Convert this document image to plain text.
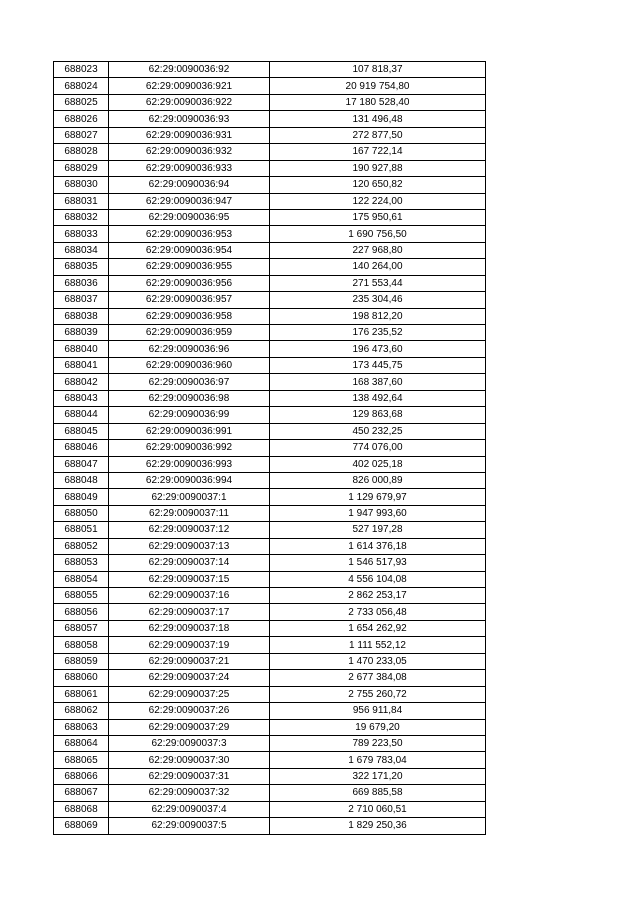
688023	62:29:0090036:92	107 818,37
688024	62:29:0090036:921	20 919 754,80
688025	62:29:0090036:922	17 180 528,40
688026	62:29:0090036:93	131 496,48
688027	62:29:0090036:931	272 877,50
688028	62:29:0090036:932	167 722,14
688029	62:29:0090036:933	190 927,88
688030	62:29:0090036:94	120 650,82
688031	62:29:0090036:947	122 224,00
688032	62:29:0090036:95	175 950,61
688033	62:29:0090036:953	1 690 756,50
688034	62:29:0090036:954	227 968,80
688035	62:29:0090036:955	140 264,00
688036	62:29:0090036:956	271 553,44
688037	62:29:0090036:957	235 304,46
688038	62:29:0090036:958	198 812,20
688039	62:29:0090036:959	176 235,52
688040	62:29:0090036:96	196 473,60
688041	62:29:0090036:960	173 445,75
688042	62:29:0090036:97	168 387,60
688043	62:29:0090036:98	138 492,64
688044	62:29:0090036:99	129 863,68
688045	62:29:0090036:991	450 232,25
688046	62:29:0090036:992	774 076,00
688047	62:29:0090036:993	402 025,18
688048	62:29:0090036:994	826 000,89
688049	62:29:0090037:1	1 129 679,97
688050	62:29:0090037:11	1 947 993,60
688051	62:29:0090037:12	527 197,28
688052	62:29:0090037:13	1 614 376,18
688053	62:29:0090037:14	1 546 517,93
688054	62:29:0090037:15	4 556 104,08
688055	62:29:0090037:16	2 862 253,17
688056	62:29:0090037:17	2 733 056,48
688057	62:29:0090037:18	1 654 262,92
688058	62:29:0090037:19	1 111 552,12
688059	62:29:0090037:21	1 470 233,05
688060	62:29:0090037:24	2 677 384,08
688061	62:29:0090037:25	2 755 260,72
688062	62:29:0090037:26	956 911,84
688063	62:29:0090037:29	19 679,20
688064	62:29:0090037:3	789 223,50
688065	62:29:0090037:30	1 679 783,04
688066	62:29:0090037:31	322 171,20
688067	62:29:0090037:32	669 885,58
688068	62:29:0090037:4	2 710 060,51
688069	62:29:0090037:5	1 829 250,36
